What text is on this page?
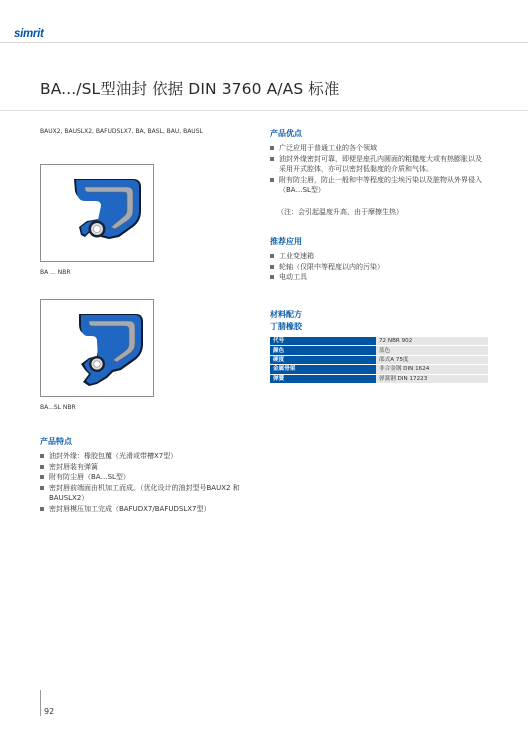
simrit
BA.../SL型油封 依据 DIN 3760 A/AS 标准
BAUX2, BAUSLX2, BAFUDSLX7, BA, BASL, BAU, BAUSL
BA ... NBR
BA...SL NBR
产品特点
油封外缘：橡胶包覆（光滑或带槽X7型）
密封唇装有弹簧
附有防尘唇（BA…SL型）
密封唇前端面由机加工而成。（优化设计的油封型号BAUX2 和BAUSLX2）
密封唇模压加工完成（BAFUDX7/BAFUDSLX7型）
产品优点
广泛应用于普通工业的各个领域
油封外缘密封可靠，即便是座孔内圆面的粗糙度大或有热膨胀以及采用开式腔体，亦可以密封低黏度的介质和气体。
附有防尘唇，防止一般和中等程度的尘埃污染以及脏物从外界侵入（BA…SL型）
（注：会引起温度升高，由于摩擦生热）
推荐应用
工业变速箱
轮轴（仅限中等程度以内的污染）
电动工具
材料配方
丁腈橡胶
代号	72 NBR 902
颜色	蓝色
硬度	邵式A 75度
金属骨架	非合金钢 DIN 1624
弹簧	弹簧钢 DIN 17223
92
